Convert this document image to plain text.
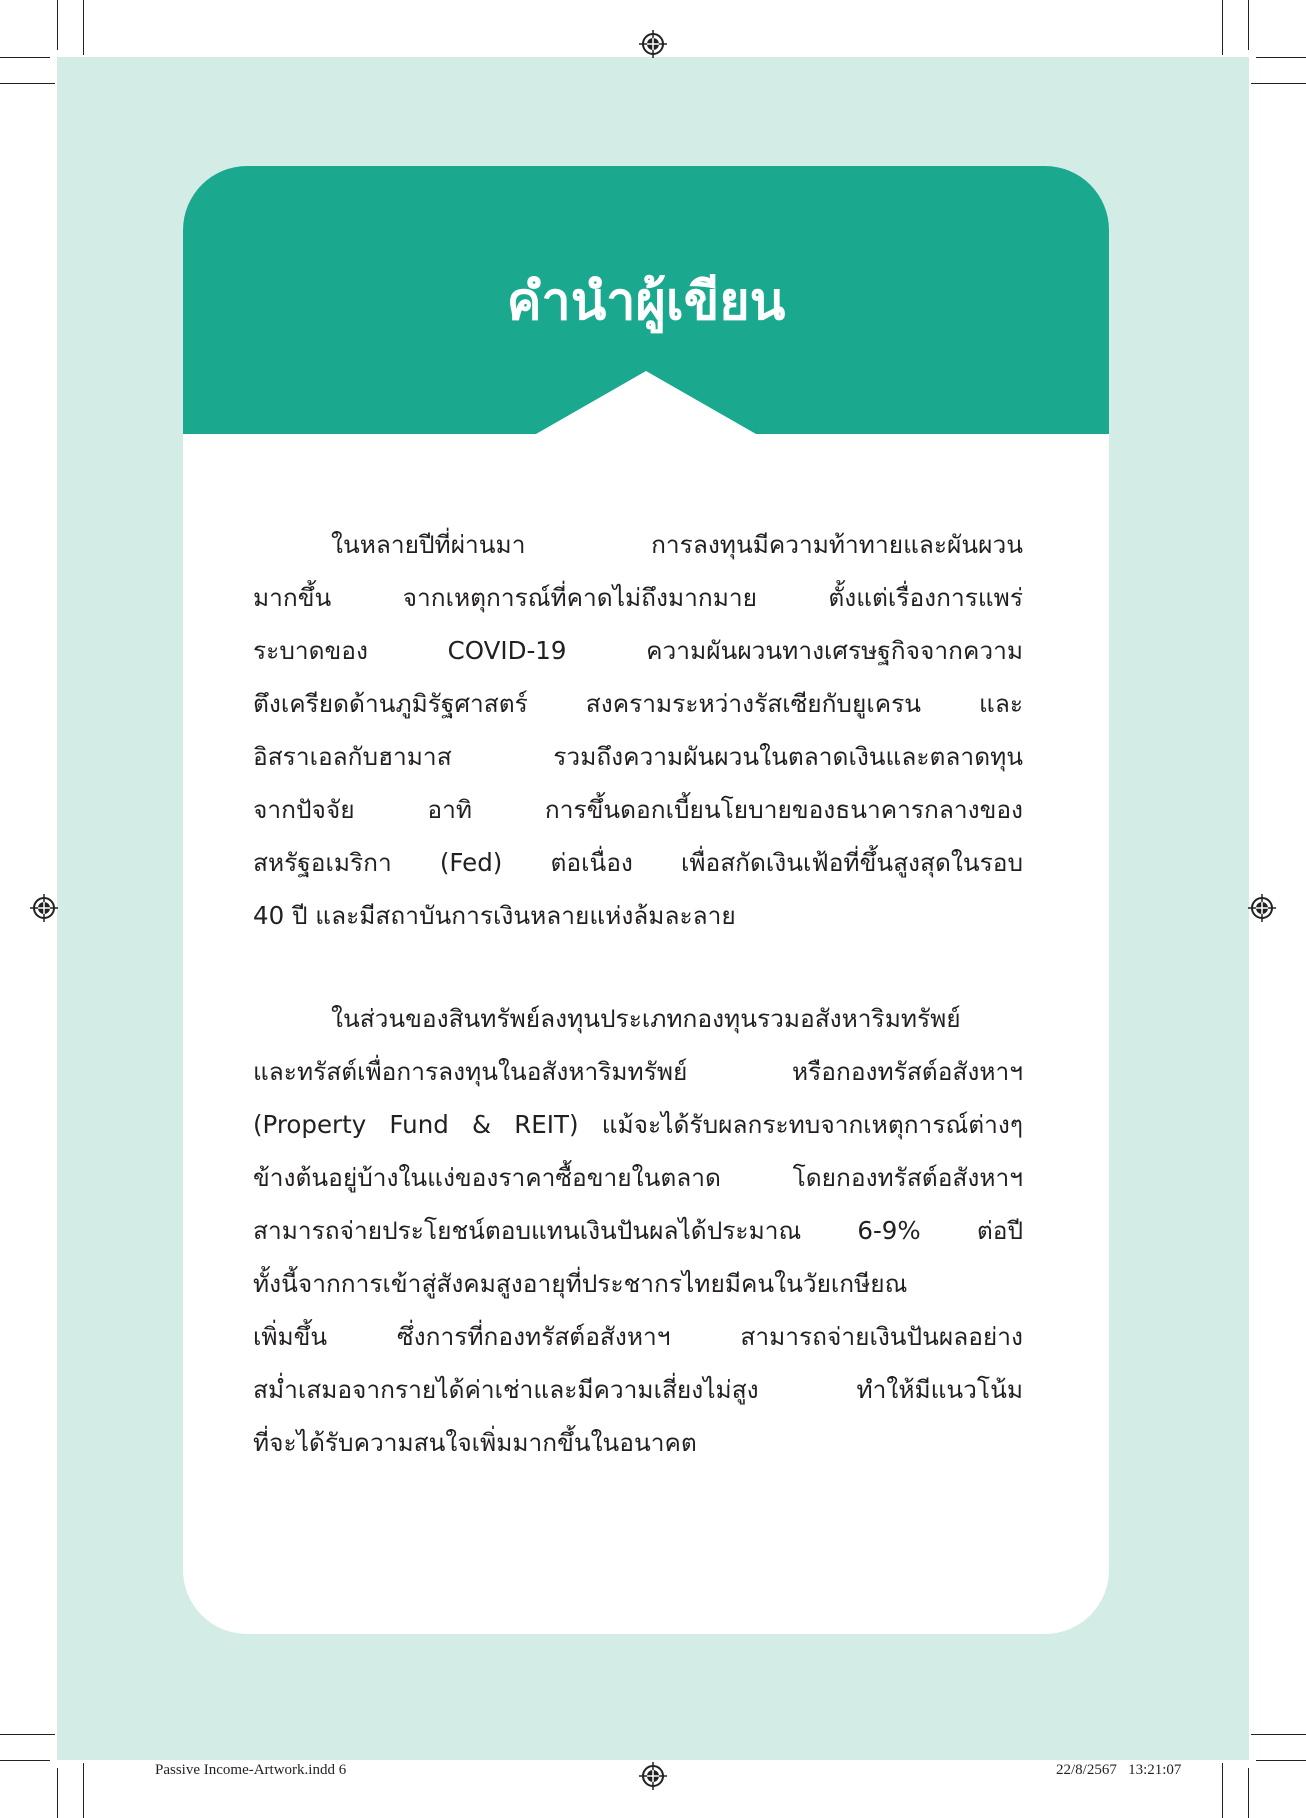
คำนำผู้เขียน
ในหลายปีที่ผ่านมา การลงทุนมีความท้าทายและผันผวน
มากขึ้น จากเหตุการณ์ที่คาดไม่ถึงมากมาย ตั้งแต่เรื่องการแพร่
ระบาดของ COVID-19 ความผันผวนทางเศรษฐกิจจากความ
ตึงเครียดด้านภูมิรัฐศาสตร์ สงครามระหว่างรัสเซียกับยูเครน และ
อิสราเอลกับฮามาส รวมถึงความผันผวนในตลาดเงินและตลาดทุน
จากปัจจัย อาทิ การขึ้นดอกเบี้ยนโยบายของธนาคารกลางของ
สหรัฐอเมริกา (Fed) ต่อเนื่อง เพื่อสกัดเงินเฟ้อที่ขึ้นสูงสุดในรอบ
40 ปี และมีสถาบันการเงินหลายแห่งล้มละลาย
ในส่วนของสินทรัพย์ลงทุนประเภทกองทุนรวมอสังหาริมทรัพย์
และทรัสต์เพื่อการลงทุนในอสังหาริมทรัพย์ หรือกองทรัสต์อสังหาฯ
(Property Fund & REIT) แม้จะได้รับผลกระทบจากเหตุการณ์ต่างๆ
ข้างต้นอยู่บ้างในแง่ของราคาซื้อขายในตลาด โดยกองทรัสต์อสังหาฯ
สามารถจ่ายประโยชน์ตอบแทนเงินปันผลได้ประมาณ 6-9% ต่อปี
ทั้งนี้จากการเข้าสู่สังคมสูงอายุที่ประชากรไทยมีคนในวัยเกษียณ
เพิ่มขึ้น ซึ่งการที่กองทรัสต์อสังหาฯ สามารถจ่ายเงินปันผลอย่าง
สม่ำเสมอจากรายได้ค่าเช่าและมีความเสี่ยงไม่สูง ทำให้มีแนวโน้ม
ที่จะได้รับความสนใจเพิ่มมากขึ้นในอนาคต
Passive Income-Artwork.indd 6	22/8/2567   13:21:07
